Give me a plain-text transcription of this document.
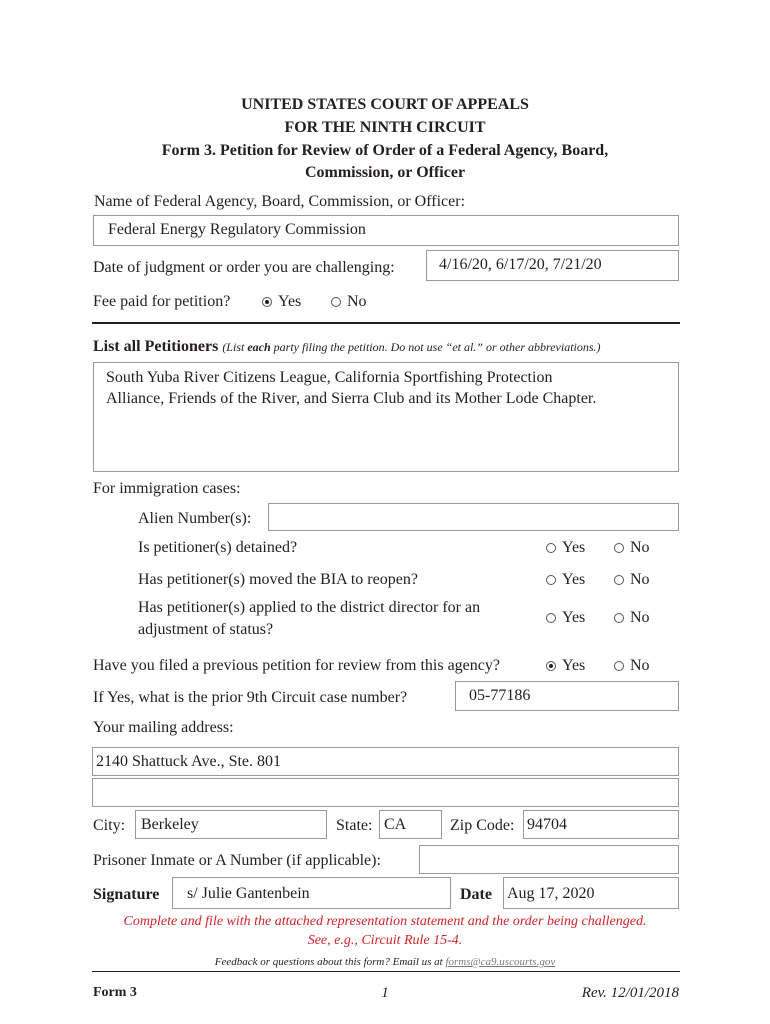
UNITED STATES COURT OF APPEALS
FOR THE NINTH CIRCUIT
Form 3. Petition for Review of Order of a Federal Agency, Board,
Commission, or Officer
Name of Federal Agency, Board, Commission, or Officer:
Federal Energy Regulatory Commission
Date of judgment or order you are challenging:	4/16/20, 6/17/20, 7/21/20
Fee paid for petition?	Yes	No
List all Petitioners (List each party filing the petition. Do not use “et al.” or other abbreviations.)
South Yuba River Citizens League, California Sportfishing Protection
Alliance, Friends of the River, and Sierra Club and its Mother Lode Chapter.
For immigration cases:
Alien Number(s):
Is petitioner(s) detained?	Yes	No
Has petitioner(s) moved the BIA to reopen?	Yes	No
Has petitioner(s) applied to the district director for an
adjustment of status?
Yes	No
Have you filed a previous petition for review from this agency?	Yes	No
If Yes, what is the prior 9th Circuit case number?	05-77186
Your mailing address:
2140 Shattuck Ave., Ste. 801
City: Berkeley	State: CA	Zip Code: 94704
Prisoner Inmate or A Number (if applicable):
Signature	s/ Julie Gantenbein	Date Aug 17, 2020
Complete and file with the attached representation statement and the order being challenged.
See, e.g., Circuit Rule 15-4.
Feedback or questions about this form? Email us at forms@ca9.uscourts.gov
Form 3	1	Rev. 12/01/2018
